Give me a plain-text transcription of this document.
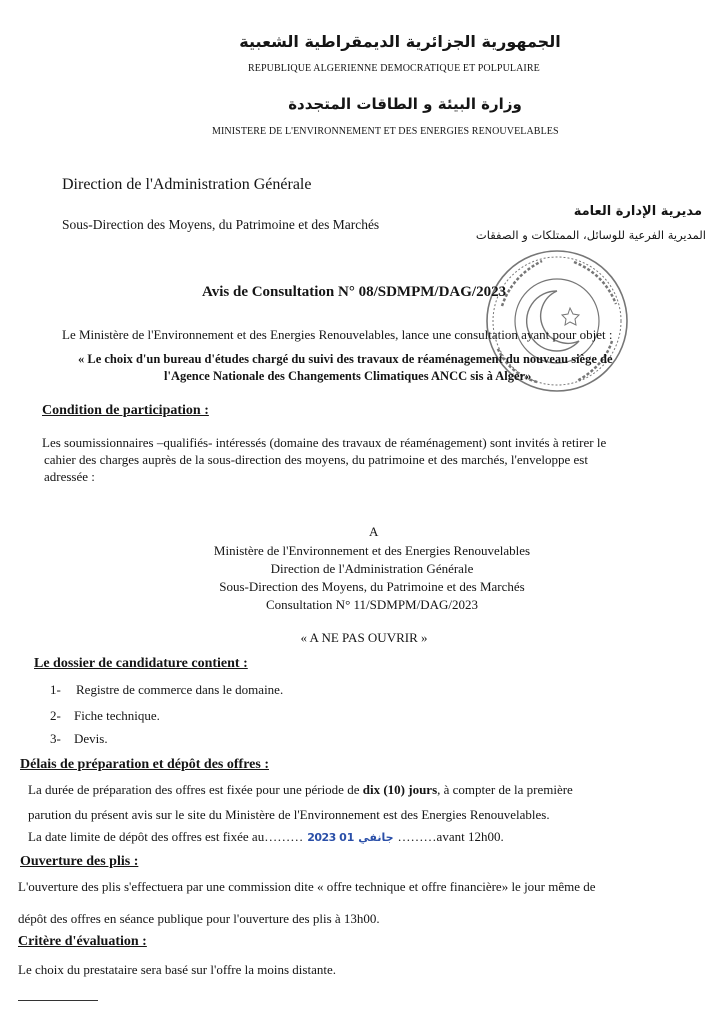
الجمهورية الجزائرية الديمقراطية الشعبية
REPUBLIQUE ALGERIENNE DEMOCRATIQUE ET POLPULAIRE
وزارة البيئة و الطاقات المتجددة
MINISTERE DE L'ENVIRONNEMENT ET DES ENERGIES RENOUVELABLES
Direction de l'Administration Générale
Sous-Direction des Moyens, du Patrimoine et des Marchés
مديرية الإدارة العامة
المديرية الفرعية للوسائل، الممتلكات و الصفقات
Avis de Consultation N° 08/SDMPM/DAG/2023
Le Ministère de l'Environnement et des Energies Renouvelables, lance une consultation ayant pour objet :
« Le choix d'un bureau d'études chargé du suivi des travaux de réaménagement du nouveau siège de
l'Agence Nationale des Changements Climatiques ANCC sis à Alger»
Condition de participation :
Les soumissionnaires –qualifiés- intéressés (domaine des travaux de réaménagement) sont invités à retirer le
cahier des charges auprès de la sous-direction des moyens, du patrimoine et des marchés, l'enveloppe est
adressée :
A
Ministère de l'Environnement et des Energies Renouvelables
Direction de l'Administration Générale
Sous-Direction des Moyens, du Patrimoine et des Marchés
Consultation N° 11/SDMPM/DAG/2023
« A NE PAS OUVRIR »
Le dossier de candidature contient :
1- Registre de commerce dans le domaine.
2- Fiche technique.
3- Devis.
Délais de préparation et dépôt des offres :
La durée de préparation des offres est fixée pour une période de dix (10) jours, à compter de la première
parution du présent avis sur le site du Ministère de l'Environnement est des Energies Renouvelables.
La date limite de dépôt des offres est fixée au……… 2023 جانفي 01 ………avant 12h00.
Ouverture des plis :
L'ouverture des plis s'effectuera par une commission dite « offre technique et offre financière» le jour même de
dépôt des offres en séance publique pour l'ouverture des plis à 13h00.
Critère d'évaluation :
Le choix du prestataire sera basé sur l'offre la moins distante.
